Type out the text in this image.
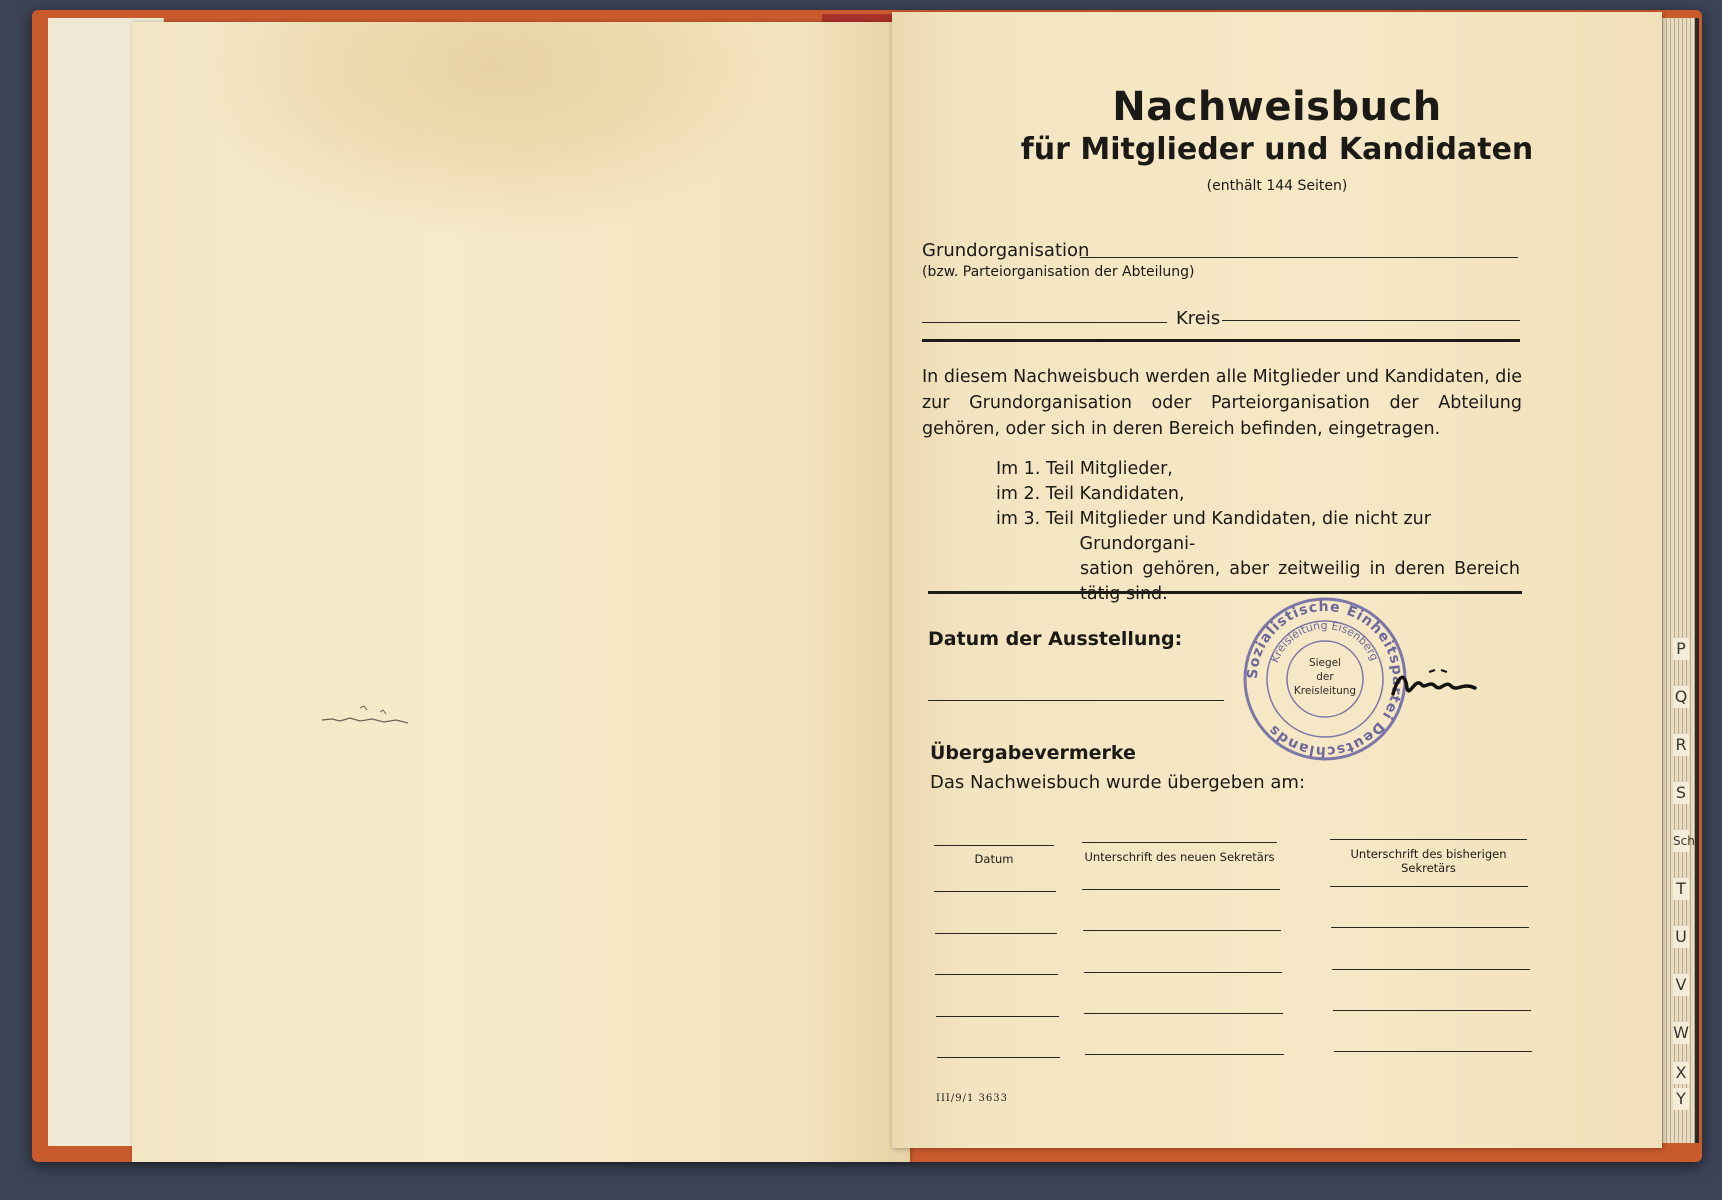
P
Q
R
S
Sch
T
U
V
W
X
Y
Nachweisbuch
für Mitglieder und Kandidaten
(enthält 144 Seiten)
Grundorganisation
(bzw. Parteiorganisation der Abteilung)
Kreis
In diesem Nachweisbuch werden alle Mitglieder und Kandidaten, die zur Grundorganisation oder Parteiorganisation der Abteilung gehören, oder sich in deren Bereich befinden, eingetragen.
Im 1. Teil Mitglieder,
im 2. Teil Kandidaten,
im 3. Teil Mitglieder und Kandidaten, die nicht zur Grundorgani-
sation gehören, aber zeitweilig in deren Bereich tätig sind.
Datum der Ausstellung:
Sozialistische Einheitspartei Deutschlands
Kreisleitung Eisenberg
Siegel
der
Kreisleitung
Übergabevermerke
Das Nachweisbuch wurde übergeben am:
Datum	Unterschrift des neuen Sekretärs	Unterschrift des bisherigen Sekretärs
III/9/1 3633
